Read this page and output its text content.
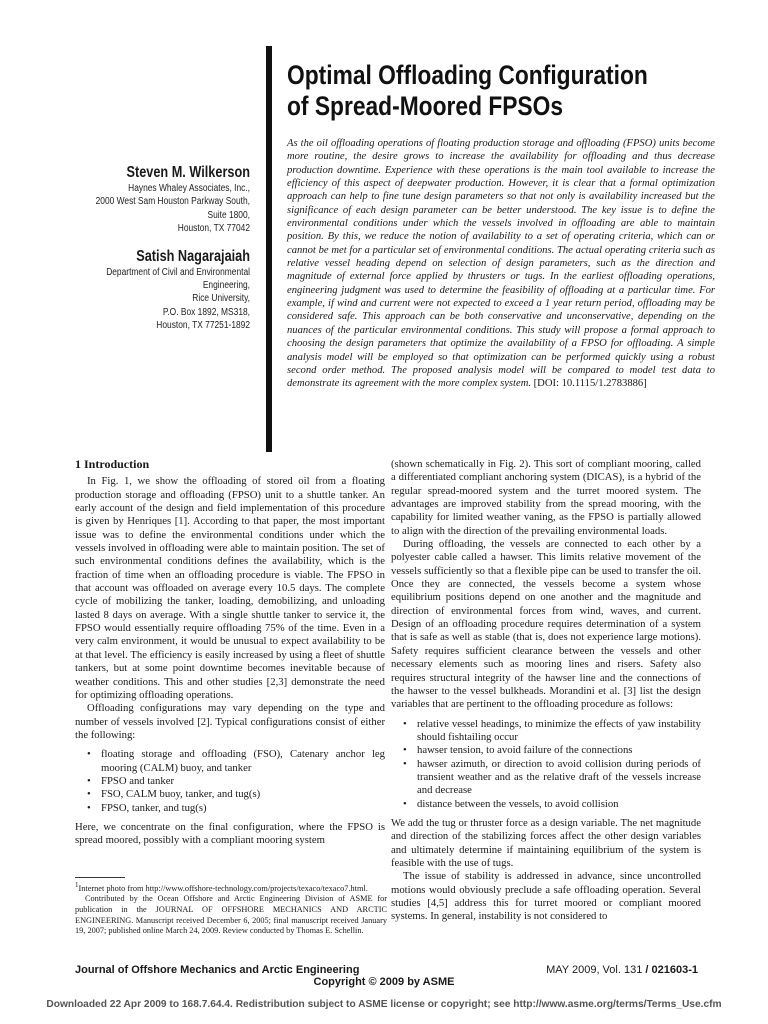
Optimal Offloading Configuration
of Spread-Moored FPSOs
Steven M. Wilkerson
Haynes Whaley Associates, Inc.,
2000 West Sam Houston Parkway South,
Suite 1800,
Houston, TX 77042
Satish Nagarajaiah
Department of Civil and Environmental
Engineering,
Rice University,
P.O. Box 1892, MS318,
Houston, TX 77251-1892
As the oil offloading operations of floating production storage and offloading (FPSO) units become more routine, the desire grows to increase the availability for offloading and thus decrease production downtime. Experience with these operations is the main tool available to increase the efficiency of this aspect of deepwater production. However, it is clear that a formal optimization approach can help to fine tune design parameters so that not only is availability increased but the significance of each design parameter can be better understood. The key issue is to define the environmental conditions under which the vessels involved in offloading are able to maintain position. By this, we reduce the notion of availability to a set of operating criteria, which can or cannot be met for a particular set of environmental conditions. The actual operating criteria such as relative vessel heading depend on selection of design parameters, such as the direction and magnitude of external force applied by thrusters or tugs. In the earliest offloading operations, engineering judgment was used to determine the feasibility of offloading at a particular time. For example, if wind and current were not expected to exceed a 1 year return period, offloading may be considered safe. This approach can be both conservative and unconservative, depending on the nuances of the particular environmental conditions. This study will propose a formal approach to choosing the design parameters that optimize the availability of a FPSO for offloading. A simple analysis model will be employed so that optimization can be performed quickly using a robust second order method. The proposed analysis model will be compared to model test data to demonstrate its agreement with the more complex system. [DOI: 10.1115/1.2783886]
1 Introduction

In Fig. 1, we show the offloading of stored oil from a floating production storage and offloading (FPSO) unit to a shuttle tanker. An early account of the design and field implementation of this procedure is given by Henriques [1]. According to that paper, the most important issue was to define the environmental conditions under which the vessels involved in offloading were able to maintain position. The set of such environmental conditions defines the availability, which is the fraction of time when an offloading procedure is viable. The FPSO in that account was offloaded on average every 10.5 days. The complete cycle of mobilizing the tanker, loading, demobilizing, and unloading lasted 8 days on average. With a single shuttle tanker to service it, the FPSO would essentially require offloading 75% of the time. Even in a very calm environment, it would be unusual to expect availability to be at that level. The efficiency is easily increased by using a fleet of shuttle tankers, but at some point downtime becomes inevitable because of weather conditions. This and other studies [2,3] demonstrate the need for optimizing offloading operations.

Offloading configurations may vary depending on the type and number of vessels involved [2]. Typical configurations consist of either the following:

• floating storage and offloading (FSO), Catenary anchor leg mooring (CALM) buoy, and tanker
• FPSO and tanker
• FSO, CALM buoy, tanker, and tug(s)
• FPSO, tanker, and tug(s)

Here, we concentrate on the final configuration, where the FPSO is spread moored, possibly with a compliant mooring system

(shown schematically in Fig. 2). This sort of compliant mooring, called a differentiated compliant anchoring system (DICAS), is a hybrid of the regular spread-moored system and the turret moored system. The advantages are improved stability from the spread mooring, with the capability for limited weather vaning, as the FPSO is partially allowed to align with the direction of the prevailing environmental loads.

During offloading, the vessels are connected to each other by a polyester cable called a hawser. This limits relative movement of the vessels sufficiently so that a flexible pipe can be used to transfer the oil. Once they are connected, the vessels become a system whose equilibrium positions depend on one another and the magnitude and direction of environmental forces from wind, waves, and current. Design of an offloading procedure requires determination of a system that is safe as well as stable (that is, does not experience large motions). Safety requires sufficient clearance between the vessels and other necessary elements such as mooring lines and risers. Safety also requires structural integrity of the hawser line and the connections of the hawser to the vessel bulkheads. Morandini et al. [3] list the design variables that are pertinent to the offloading procedure as follows:

• relative vessel headings, to minimize the effects of yaw instability should fishtailing occur
• hawser tension, to avoid failure of the connections
• hawser azimuth, or direction to avoid collision during periods of transient weather and as the relative draft of the vessels increase and decrease
• distance between the vessels, to avoid collision

We add the tug or thruster force as a design variable. The net magnitude and direction of the stabilizing forces affect the other design variables and ultimately determine if maintaining equilibrium of the system is feasible with the use of tugs.

The issue of stability is addressed in advance, since uncontrolled motions would obviously preclude a safe offloading operation. Several studies [4,5] address this for turret moored or compliant moored systems. In general, instability is not considered to

$^1$Internet photo from http://www.offshore-technology.com/projects/texaco/texaco7.html.
Contributed by the Ocean Offshore and Arctic Engineering Division of ASME for publication in the JOURNAL OF OFFSHORE MECHANICS AND ARCTIC ENGINEERING. Manuscript received December 6, 2005; final manuscript received January 19, 2007; published online March 24, 2009. Review conducted by Thomas E. Schellin.
Journal of Offshore Mechanics and Arctic Engineering	MAY 2009, Vol. 131 / 021603-1
Copyright © 2009 by ASME
Downloaded 22 Apr 2009 to 168.7.64.4. Redistribution subject to ASME license or copyright; see http://www.asme.org/terms/Terms_Use.cfm
